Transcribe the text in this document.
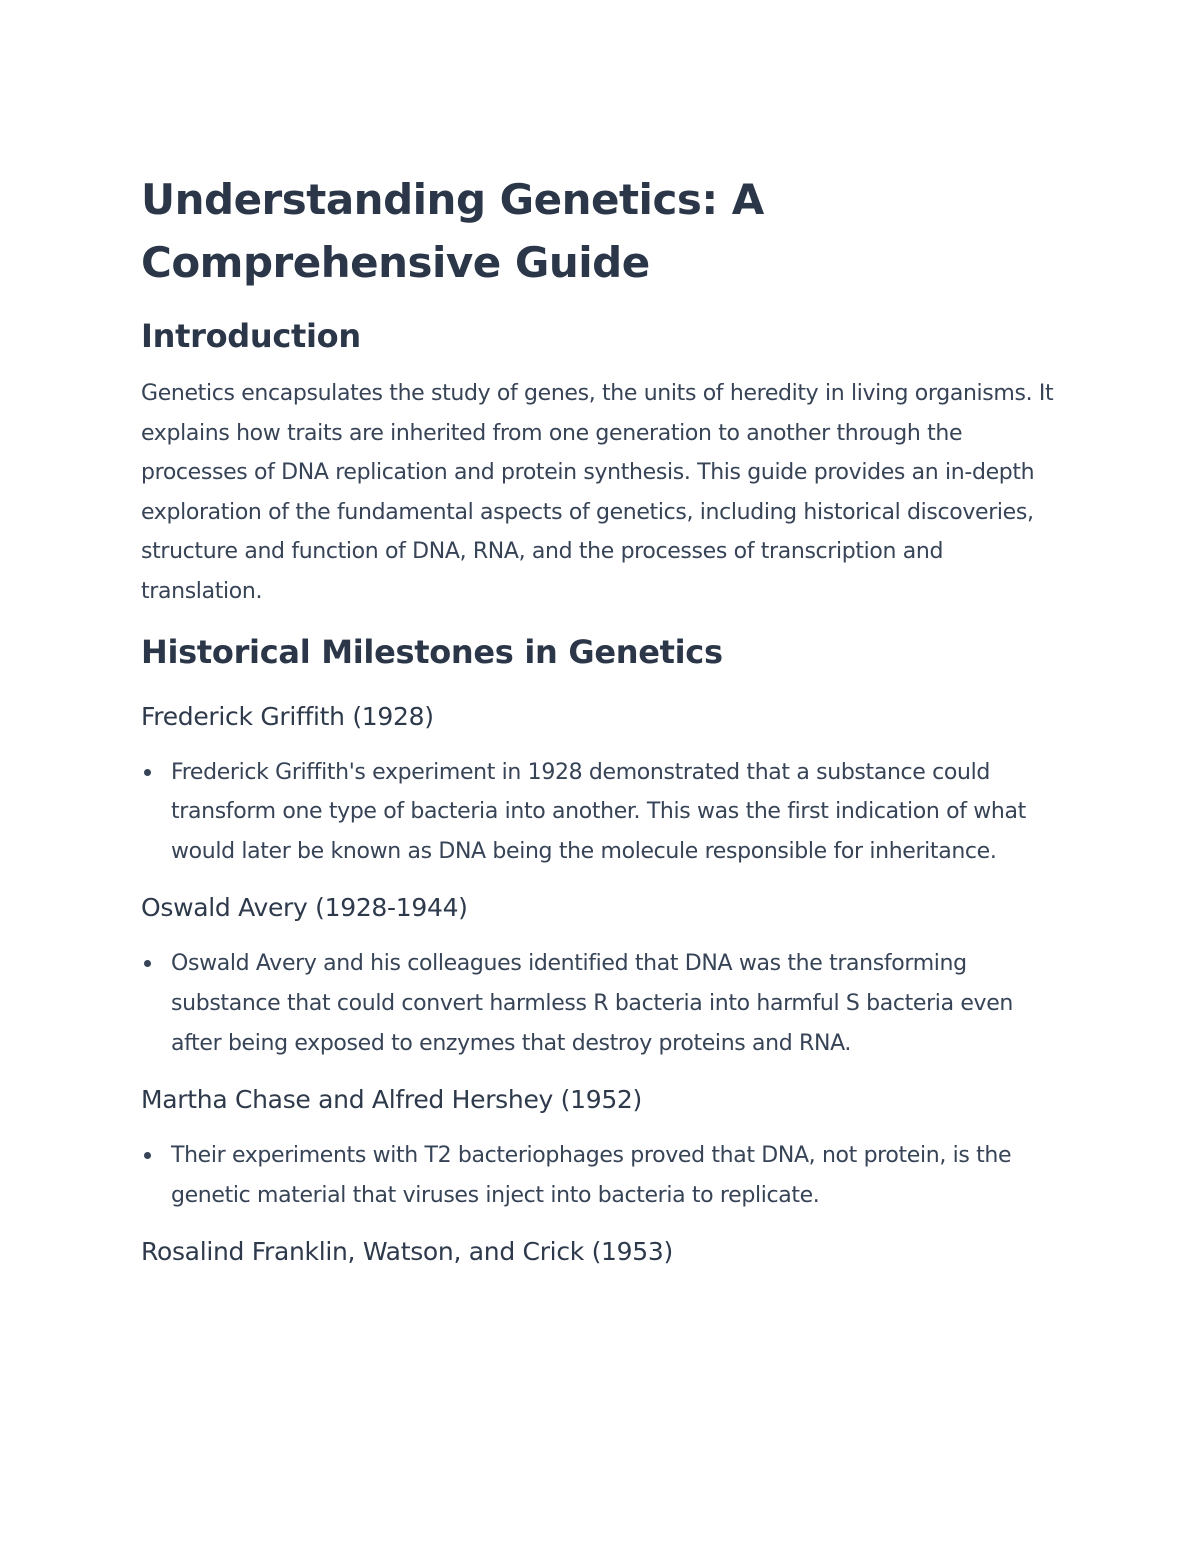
Understanding Genetics: A Comprehensive Guide
Introduction

Genetics encapsulates the study of genes, the units of heredity in living organisms. It explains how traits are inherited from one generation to another through the processes of DNA replication and protein synthesis. This guide provides an in-depth exploration of the fundamental aspects of genetics, including historical discoveries, structure and function of DNA, RNA, and the processes of transcription and translation.

Historical Milestones in Genetics
Frederick Griffith (1928)
Frederick Griffith's experiment in 1928 demonstrated that a substance could transform one type of bacteria into another. This was the first indication of what would later be known as DNA being the molecule responsible for inheritance.
Oswald Avery (1928-1944)
Oswald Avery and his colleagues identified that DNA was the transforming substance that could convert harmless R bacteria into harmful S bacteria even after being exposed to enzymes that destroy proteins and RNA.
Martha Chase and Alfred Hershey (1952)
Their experiments with T2 bacteriophages proved that DNA, not protein, is the genetic material that viruses inject into bacteria to replicate.
Rosalind Franklin, Watson, and Crick (1953)
